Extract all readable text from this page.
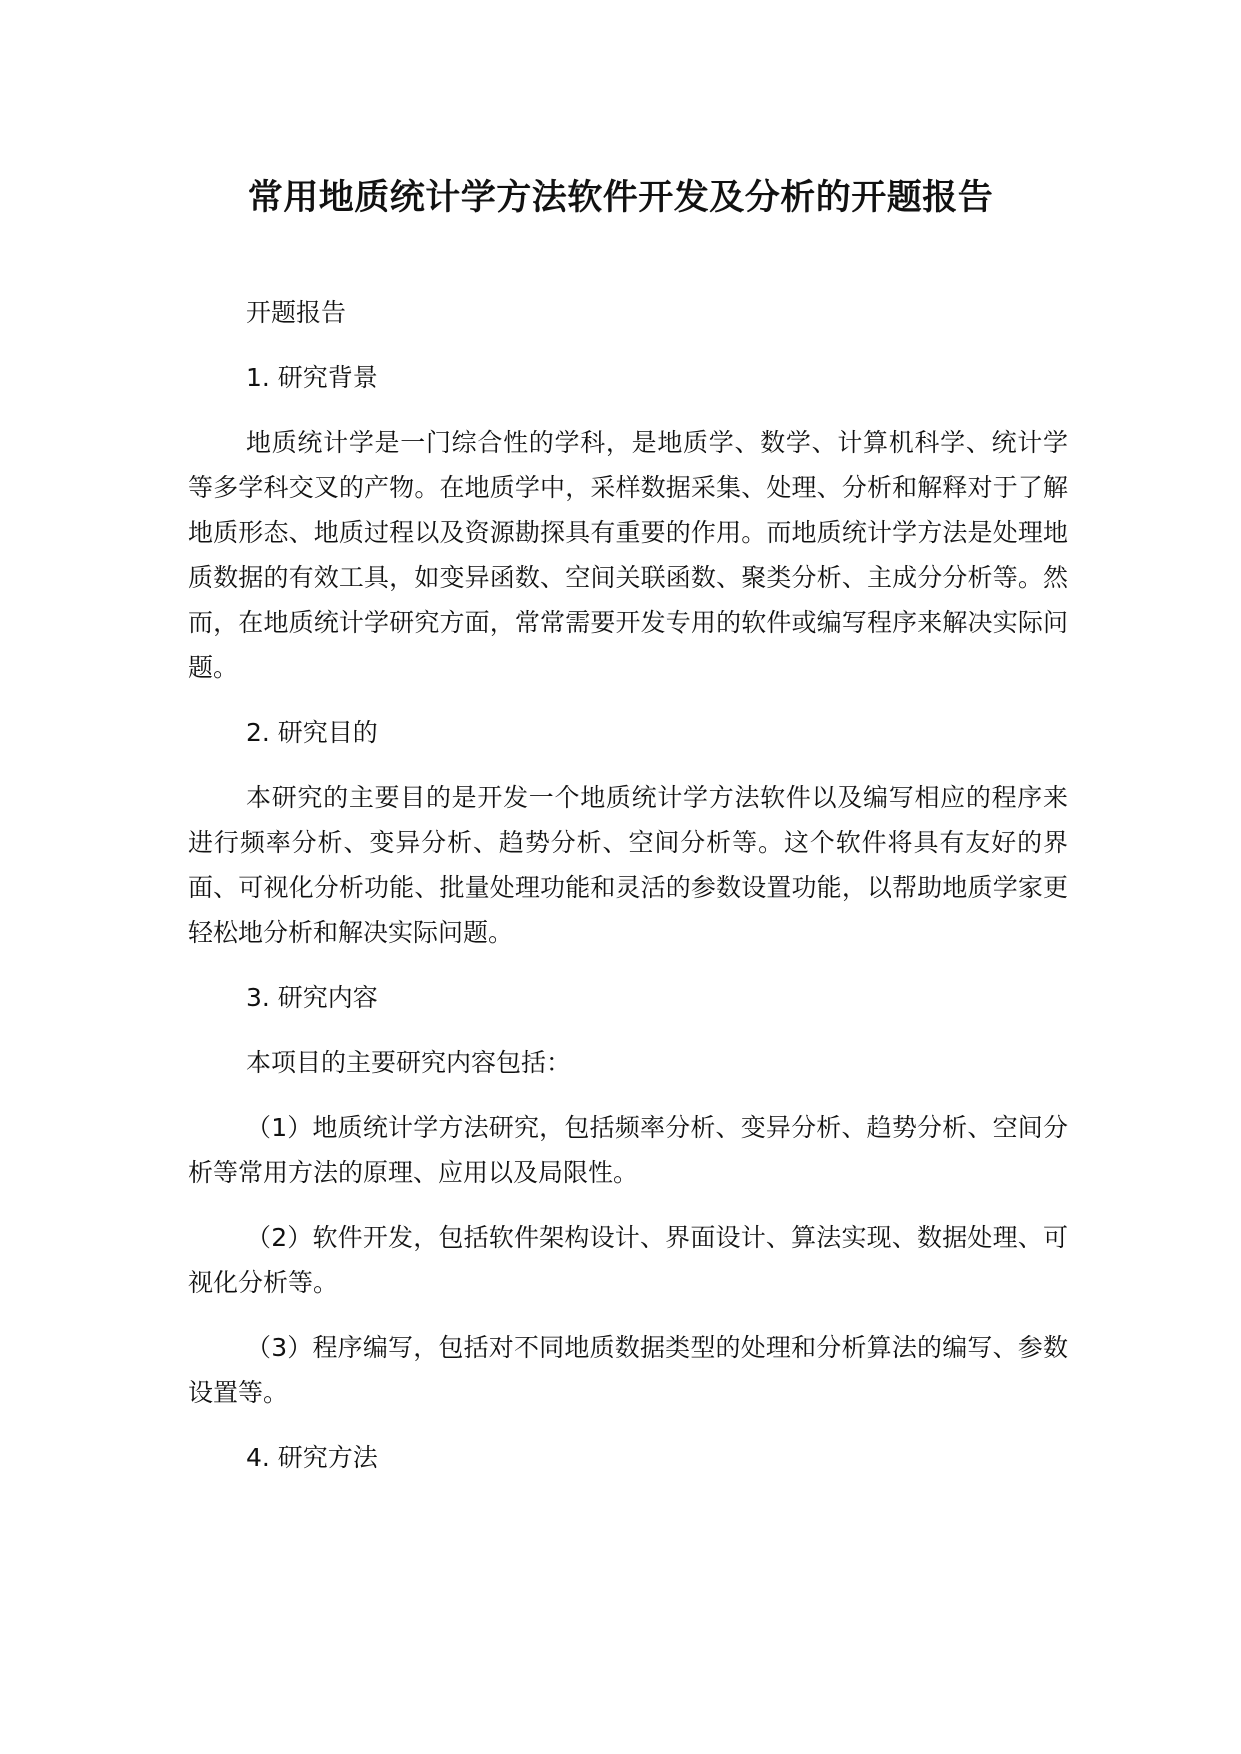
常用地质统计学方法软件开发及分析的开题报告
开题报告
1. 研究背景
地质统计学是一门综合性的学科，是地质学、数学、计算机科学、统计学等多学科交叉的产物。在地质学中，采样数据采集、处理、分析和解释对于了解地质形态、地质过程以及资源勘探具有重要的作用。而地质统计学方法是处理地质数据的有效工具，如变异函数、空间关联函数、聚类分析、主成分分析等。然而，在地质统计学研究方面，常常需要开发专用的软件或编写程序来解决实际问题。
2. 研究目的
本研究的主要目的是开发一个地质统计学方法软件以及编写相应的程序来进行频率分析、变异分析、趋势分析、空间分析等。这个软件将具有友好的界面、可视化分析功能、批量处理功能和灵活的参数设置功能，以帮助地质学家更轻松地分析和解决实际问题。
3. 研究内容
本项目的主要研究内容包括：
（1）地质统计学方法研究，包括频率分析、变异分析、趋势分析、空间分析等常用方法的原理、应用以及局限性。
（2）软件开发，包括软件架构设计、界面设计、算法实现、数据处理、可视化分析等。
（3）程序编写，包括对不同地质数据类型的处理和分析算法的编写、参数设置等。
4. 研究方法
